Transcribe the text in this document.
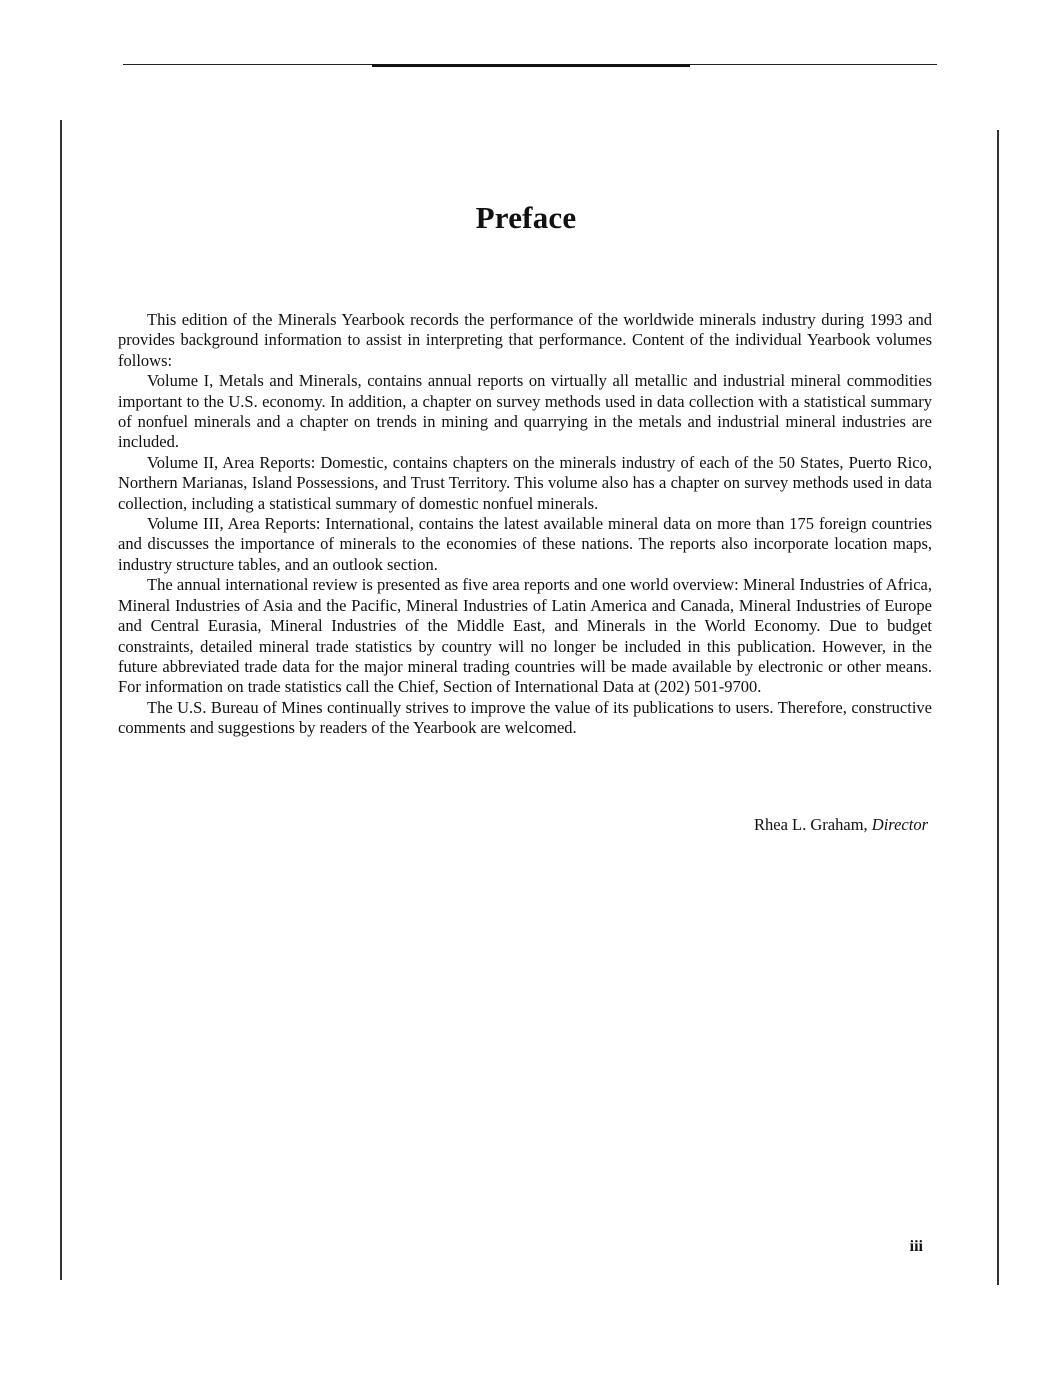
Preface

This edition of the Minerals Yearbook records the performance of the worldwide minerals industry during 1993 and provides background information to assist in interpreting that performance. Content of the individual Yearbook volumes follows:

Volume I, Metals and Minerals, contains annual reports on virtually all metallic and industrial mineral commodities important to the U.S. economy. In addition, a chapter on survey methods used in data collection with a statistical summary of nonfuel minerals and a chapter on trends in mining and quarrying in the metals and industrial mineral industries are included.

Volume II, Area Reports: Domestic, contains chapters on the minerals industry of each of the 50 States, Puerto Rico, Northern Marianas, Island Possessions, and Trust Territory. This volume also has a chapter on survey methods used in data collection, including a statistical summary of domestic nonfuel minerals.

Volume III, Area Reports: International, contains the latest available mineral data on more than 175 foreign countries and discusses the importance of minerals to the economies of these nations. The reports also incorporate location maps, industry structure tables, and an outlook section.

The annual international review is presented as five area reports and one world overview: Mineral Industries of Africa, Mineral Industries of Asia and the Pacific, Mineral Industries of Latin America and Canada, Mineral Industries of Europe and Central Eurasia, Mineral Industries of the Middle East, and Minerals in the World Economy. Due to budget constraints, detailed mineral trade statistics by country will no longer be included in this publication. However, in the future abbreviated trade data for the major mineral trading countries will be made available by electronic or other means. For information on trade statistics call the Chief, Section of International Data at (202) 501-9700.

The U.S. Bureau of Mines continually strives to improve the value of its publications to users. Therefore, constructive comments and suggestions by readers of the Yearbook are welcomed.

Rhea L. Graham, Director
iii
